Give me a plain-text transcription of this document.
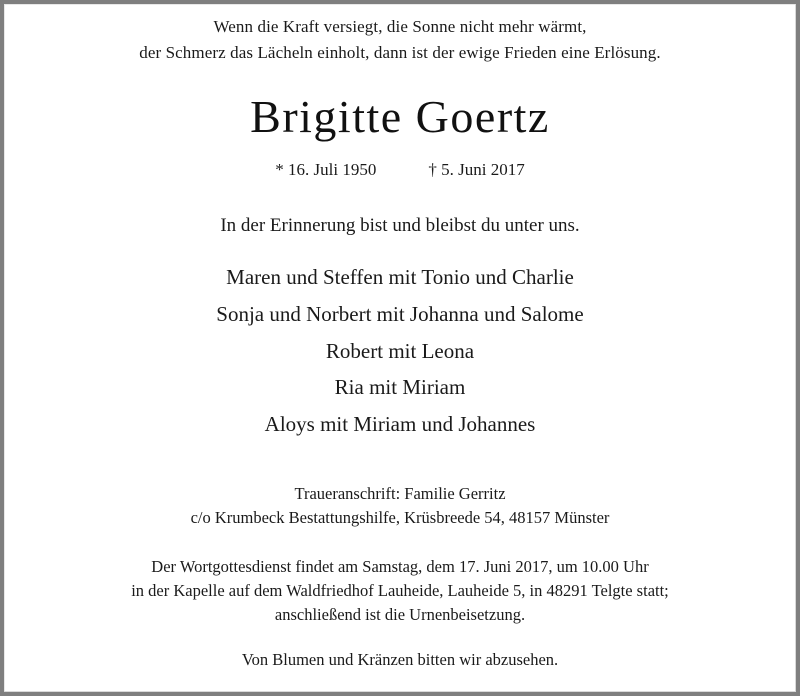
Wenn die Kraft versiegt, die Sonne nicht mehr wärmt,
der Schmerz das Lächeln einholt, dann ist der ewige Frieden eine Erlösung.
Brigitte Goertz
* 16. Juli 1950	† 5. Juni 2017
In der Erinnerung bist und bleibst du unter uns.
Maren und Steffen mit Tonio und Charlie
Sonja und Norbert mit Johanna und Salome
Robert mit Leona
Ria mit Miriam
Aloys mit Miriam und Johannes
Traueranschrift: Familie Gerritz
c/o Krumbeck Bestattungshilfe, Krüsbreede 54, 48157 Münster
Der Wortgottesdienst findet am Samstag, dem 17. Juni 2017, um 10.00 Uhr
in der Kapelle auf dem Waldfriedhof Lauheide, Lauheide 5, in 48291 Telgte statt;
anschließend ist die Urnenbeisetzung.
Von Blumen und Kränzen bitten wir abzusehen.
